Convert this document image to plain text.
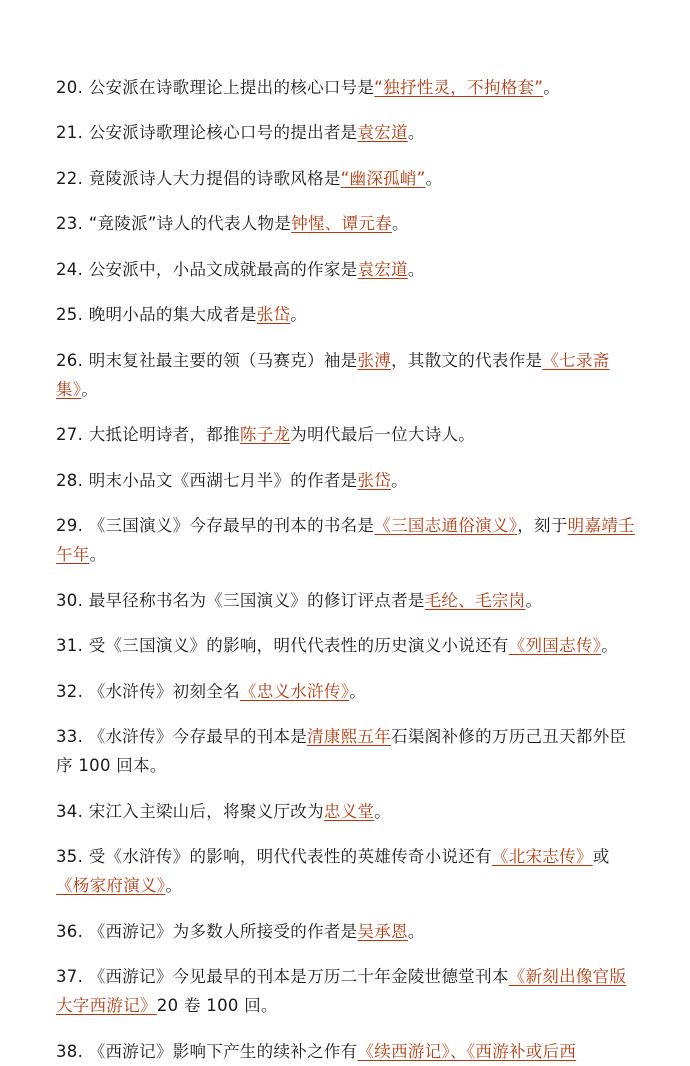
20. 公安派在诗歌理论上提出的核心口号是“独抒性灵，不拘格套”。

21. 公安派诗歌理论核心口号的提出者是袁宏道。

22. 竟陵派诗人大力提倡的诗歌风格是“幽深孤峭”。

23. “竟陵派”诗人的代表人物是钟惺、谭元春。

24. 公安派中，小品文成就最高的作家是袁宏道。

25. 晚明小品的集大成者是张岱。

26. 明末复社最主要的领（马赛克）袖是张溥，其散文的代表作是《七录斋集》。

27. 大抵论明诗者，都推陈子龙为明代最后一位大诗人。

28. 明末小品文《西湖七月半》的作者是张岱。

29. 《三国演义》今存最早的刊本的书名是《三国志通俗演义》，刻于明嘉靖壬午年。

30. 最早径称书名为《三国演义》的修订评点者是毛纶、毛宗岗。

31. 受《三国演义》的影响，明代代表性的历史演义小说还有《列国志传》。

32. 《水浒传》初刻全名《忠义水浒传》。

33. 《水浒传》今存最早的刊本是清康熙五年石渠阁补修的万历己丑天都外臣序 100 回本。

34. 宋江入主梁山后，将聚义厅改为忠义堂。

35. 受《水浒传》的影响，明代代表性的英雄传奇小说还有《北宋志传》或《杨家府演义》。

36. 《西游记》为多数人所接受的作者是吴承恩。

37. 《西游记》今见最早的刊本是万历二十年金陵世德堂刊本《新刻出像官版大字西游记》20 卷 100 回。

38. 《西游记》影响下产生的续补之作有《续西游记》、《西游补或后西
